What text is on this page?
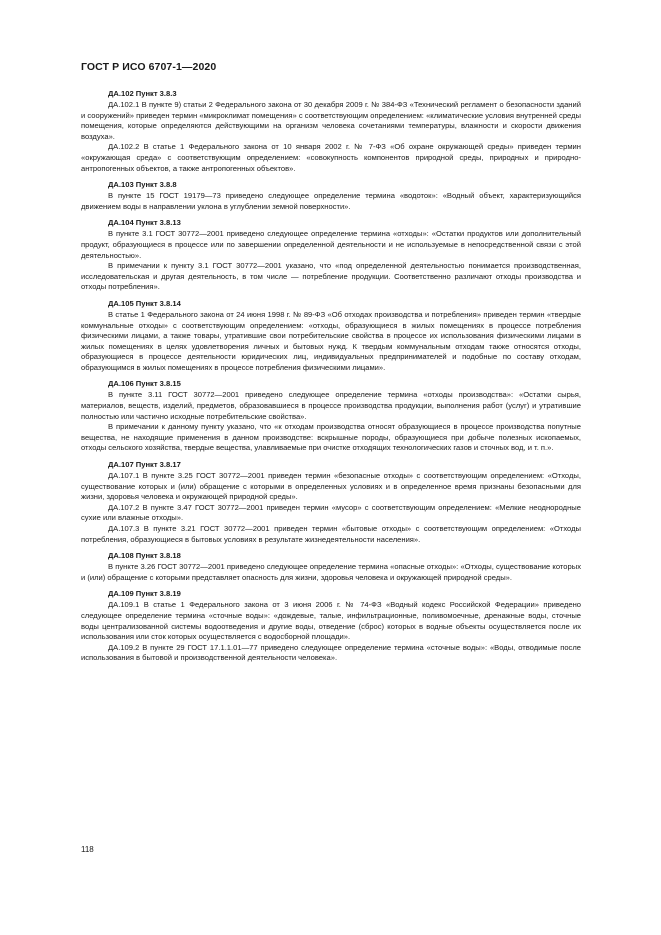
ГОСТ Р ИСО 6707-1—2020
ДА.102 Пункт 3.8.3

ДА.102.1 В пункте 9) статьи 2 Федерального закона от 30 декабря 2009 г. № 384-ФЗ «Технический регламент о безопасности зданий и сооружений» приведен термин «микроклимат помещения» с соответствующим определением: «климатические условия внутренней среды помещения, которые определяются действующими на организм человека сочетаниями температуры, влажности и скорости движения воздуха».

ДА.102.2 В статье 1 Федерального закона от 10 января 2002 г. № 7-ФЗ «Об охране окружающей среды» приведен термин «окружающая среда» с соответствующим определением: «совокупность компонентов природной среды, природных и природно-антропогенных объектов, а также антропогенных объектов».

ДА.103 Пункт 3.8.8

В пункте 15 ГОСТ 19179—73 приведено следующее определение термина «водоток»: «Водный объект, характеризующийся движением воды в направлении уклона в углублении земной поверхности».

ДА.104 Пункт 3.8.13

В пункте 3.1 ГОСТ 30772—2001 приведено следующее определение термина «отходы»: «Остатки продуктов или дополнительный продукт, образующиеся в процессе или по завершении определенной деятельности и не используемые в непосредственной связи с этой деятельностью».

В примечании к пункту 3.1 ГОСТ 30772—2001 указано, что «под определенной деятельностью понимается производственная, исследовательская и другая деятельность, в том числе — потребление продукции. Соответственно различают отходы производства и отходы потребления».

ДА.105 Пункт 3.8.14

В статье 1 Федерального закона от 24 июня 1998 г. № 89-ФЗ «Об отходах производства и потребления» приведен термин «твердые коммунальные отходы» с соответствующим определением: «отходы, образующиеся в жилых помещениях в процессе потребления физическими лицами, а также товары, утратившие свои потребительские свойства в процессе их использования физическими лицами в жилых помещениях в целях удовлетворения личных и бытовых нужд. К твердым коммунальным отходам также относятся отходы, образующиеся в процессе деятельности юридических лиц, индивидуальных предпринимателей и подобные по составу отходам, образующимся в жилых помещениях в процессе потребления физическими лицами».

ДА.106 Пункт 3.8.15

В пункте 3.11 ГОСТ 30772—2001 приведено следующее определение термина «отходы производства»: «Остатки сырья, материалов, веществ, изделий, предметов, образовавшиеся в процессе производства продукции, выполнения работ (услуг) и утратившие полностью или частично исходные потребительские свойства».

В примечании к данному пункту указано, что «к отходам производства относят образующиеся в процессе производства попутные вещества, не находящие применения в данном производстве: вскрышные породы, образующиеся при добыче полезных ископаемых, отходы сельского хозяйства, твердые вещества, улавливаемые при очистке отходящих технологических газов и сточных вод, и т. п.».

ДА.107 Пункт 3.8.17

ДА.107.1 В пункте 3.25 ГОСТ 30772—2001 приведен термин «безопасные отходы» с соответствующим определением: «Отходы, существование которых и (или) обращение с которыми в определенных условиях и в определенное время признаны безопасными для жизни, здоровья человека и окружающей природной среды».

ДА.107.2 В пункте 3.47 ГОСТ 30772—2001 приведен термин «мусор» с соответствующим определением: «Мелкие неоднородные сухие или влажные отходы».

ДА.107.3 В пункте 3.21 ГОСТ 30772—2001 приведен термин «бытовые отходы» с соответствующим определением: «Отходы потребления, образующиеся в бытовых условиях в результате жизнедеятельности населения».

ДА.108 Пункт 3.8.18

В пункте 3.26 ГОСТ 30772—2001 приведено следующее определение термина «опасные отходы»: «Отходы, существование которых и (или) обращение с которыми представляет опасность для жизни, здоровья человека и окружающей природной среды».

ДА.109 Пункт 3.8.19

ДА.109.1 В статье 1 Федерального закона от 3 июня 2006 г. № 74-ФЗ «Водный кодекс Российской Федерации» приведено следующее определение термина «сточные воды»: «дождевые, талые, инфильтрационные, поливомоечные, дренажные воды, сточные воды централизованной системы водоотведения и другие воды, отведение (сброс) которых в водные объекты осуществляется после их использования или сток которых осуществляется с водосборной площади».

ДА.109.2 В пункте 29 ГОСТ 17.1.1.01—77 приведено следующее определение термина «сточные воды»: «Воды, отводимые после использования в бытовой и производственной деятельности человека».

118
